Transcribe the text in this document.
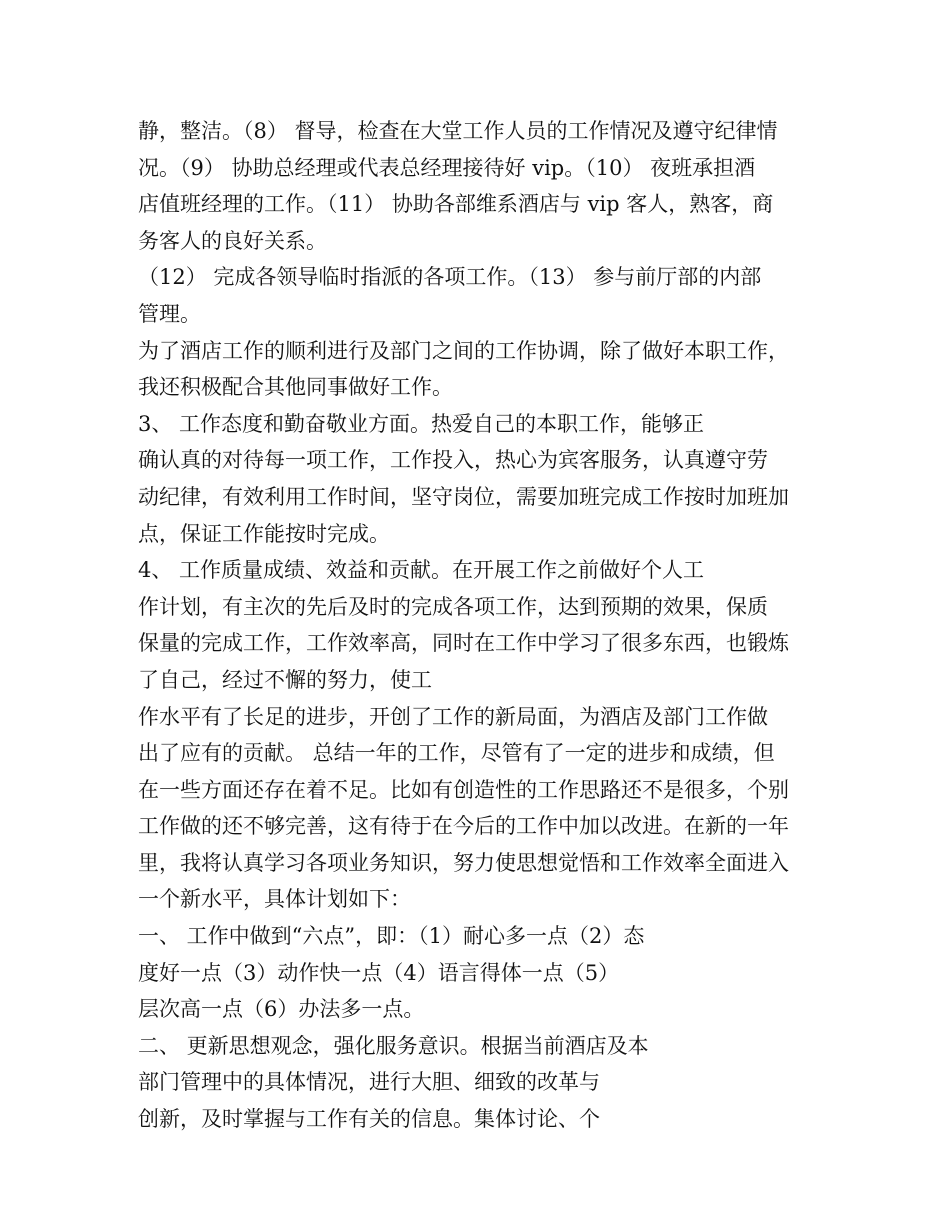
静，整洁。（8） 督导，检查在大堂工作人员的工作情况及遵守纪律情
况。（9） 协助总经理或代表总经理接待好 vip。（10） 夜班承担酒
店值班经理的工作。（11） 协助各部维系酒店与 vip 客人，熟客，商
务客人的良好关系。
（12） 完成各领导临时指派的各项工作。（13） 参与前厅部的内部
管理。
为了酒店工作的顺利进行及部门之间的工作协调，除了做好本职工作，
我还积极配合其他同事做好工作。
3、 工作态度和勤奋敬业方面。热爱自己的本职工作，能够正
确认真的对待每一项工作，工作投入，热心为宾客服务，认真遵守劳
动纪律，有效利用工作时间，坚守岗位，需要加班完成工作按时加班加
点，保证工作能按时完成。
4、 工作质量成绩、效益和贡献。在开展工作之前做好个人工
作计划，有主次的先后及时的完成各项工作，达到预期的效果，保质
保量的完成工作，工作效率高，同时在工作中学习了很多东西，也锻炼
了自己，经过不懈的努力，使工
作水平有了长足的进步，开创了工作的新局面，为酒店及部门工作做
出了应有的贡献。 总结一年的工作，尽管有了一定的进步和成绩，但
在一些方面还存在着不足。比如有创造性的工作思路还不是很多，个别
工作做的还不够完善，这有待于在今后的工作中加以改进。在新的一年
里，我将认真学习各项业务知识，努力使思想觉悟和工作效率全面进入
一个新水平，具体计划如下：
一、 工作中做到“六点”，即：（1）耐心多一点（2）态
度好一点（3）动作快一点（4）语言得体一点（5）
层次高一点（6）办法多一点。
二、 更新思想观念，强化服务意识。根据当前酒店及本
部门管理中的具体情况，进行大胆、细致的改革与
创新，及时掌握与工作有关的信息。集体讨论、个
